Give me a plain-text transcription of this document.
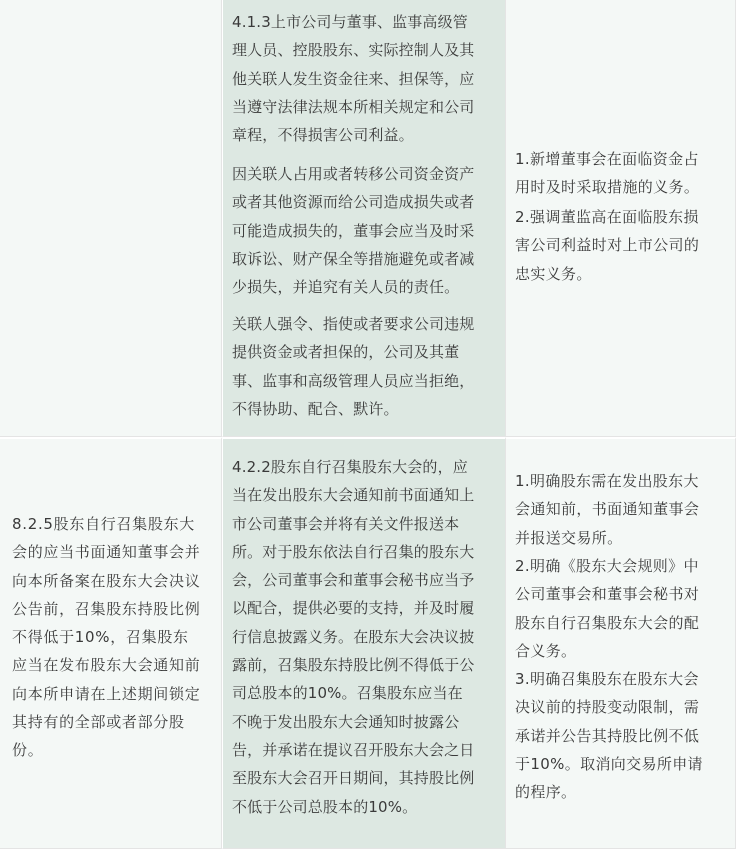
4.1.3上市公司与董事、监事高级管
理人员、控股股东、实际控制人及其
他关联人发生资金往来、担保等，应
当遵守法律法规本所相关规定和公司
章程，不得损害公司利益。
因关联人占用或者转移公司资金资产
或者其他资源而给公司造成损失或者
可能造成损失的，董事会应当及时采
取诉讼、财产保全等措施避免或者减
少损失，并追究有关人员的责任。
关联人强令、指使或者要求公司违规
提供资金或者担保的，公司及其董
事、监事和高级管理人员应当拒绝，
不得协助、配合、默许。
1.新增董事会在面临资金占
用时及时采取措施的义务。
2.强调董监高在面临股东损
害公司利益时对上市公司的
忠实义务。
8.2.5股东自行召集股东大
会的应当书面通知董事会并
向本所备案在股东大会决议
公告前，召集股东持股比例
不得低于10%，召集股东
应当在发布股东大会通知前
向本所申请在上述期间锁定
其持有的全部或者部分股
份。
4.2.2股东自行召集股东大会的，应
当在发出股东大会通知前书面通知上
市公司董事会并将有关文件报送本
所。对于股东依法自行召集的股东大
会，公司董事会和董事会秘书应当予
以配合，提供必要的支持，并及时履
行信息披露义务。在股东大会决议披
露前，召集股东持股比例不得低于公
司总股本的10%。召集股东应当在
不晚于发出股东大会通知时披露公
告，并承诺在提议召开股东大会之日
至股东大会召开日期间，其持股比例
不低于公司总股本的10%。
1.明确股东需在发出股东大
会通知前，书面通知董事会
并报送交易所。
2.明确《股东大会规则》中
公司董事会和董事会秘书对
股东自行召集股东大会的配
合义务。
3.明确召集股东在股东大会
决议前的持股变动限制，需
承诺并公告其持股比例不低
于10%。取消向交易所申请
的程序。
